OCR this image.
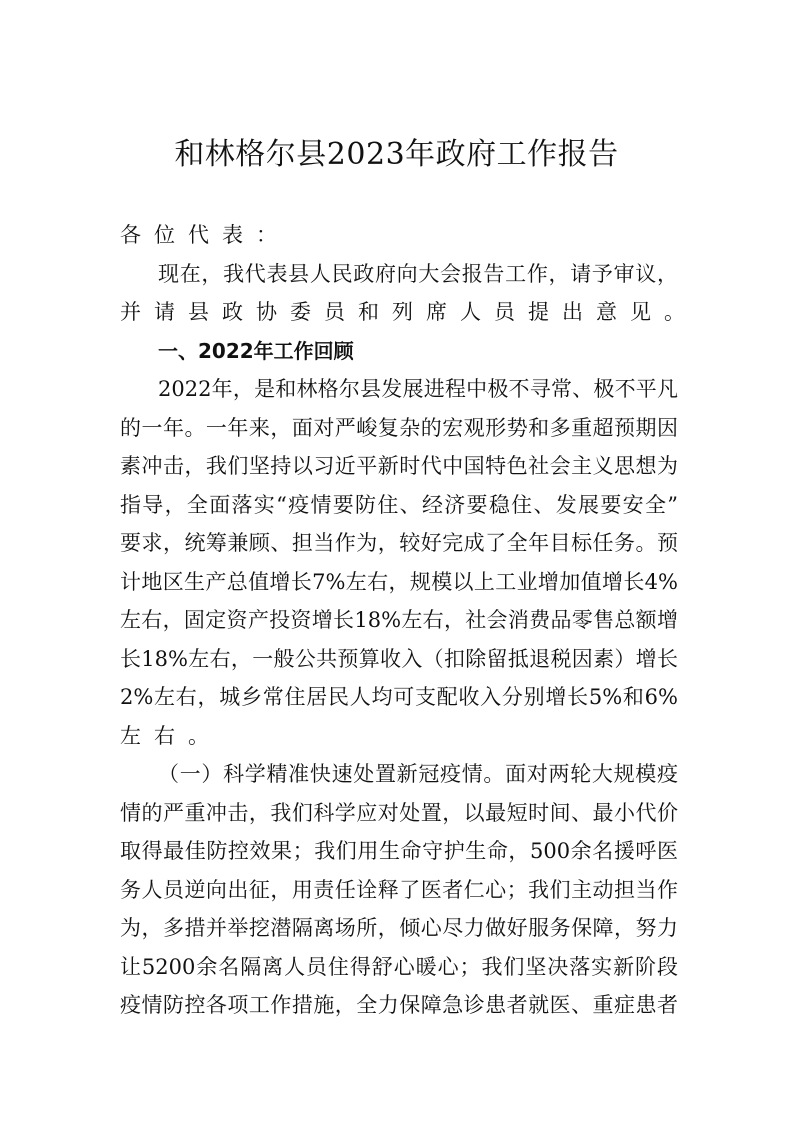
和林格尔县2023年政府工作报告
各位代表：
现在，我代表县人民政府向大会报告工作，请予审议，
并请县政协委员和列席人员提出意见。
一、2022年工作回顾
2022年，是和林格尔县发展进程中极不寻常、极不平凡
的一年。一年来，面对严峻复杂的宏观形势和多重超预期因
素冲击，我们坚持以习近平新时代中国特色社会主义思想为
指导，全面落实“疫情要防住、经济要稳住、发展要安全”
要求，统筹兼顾、担当作为，较好完成了全年目标任务。预
计地区生产总值增长7%左右，规模以上工业增加值增长4%
左右，固定资产投资增长18%左右，社会消费品零售总额增
长18%左右，一般公共预算收入（扣除留抵退税因素）增长
2%左右，城乡常住居民人均可支配收入分别增长5%和6%
左右。
（一）科学精准快速处置新冠疫情。面对两轮大规模疫
情的严重冲击，我们科学应对处置，以最短时间、最小代价
取得最佳防控效果；我们用生命守护生命，500余名援呼医
务人员逆向出征，用责任诠释了医者仁心；我们主动担当作
为，多措并举挖潜隔离场所，倾心尽力做好服务保障，努力
让5200余名隔离人员住得舒心暖心；我们坚决落实新阶段
疫情防控各项工作措施，全力保障急诊患者就医、重症患者
